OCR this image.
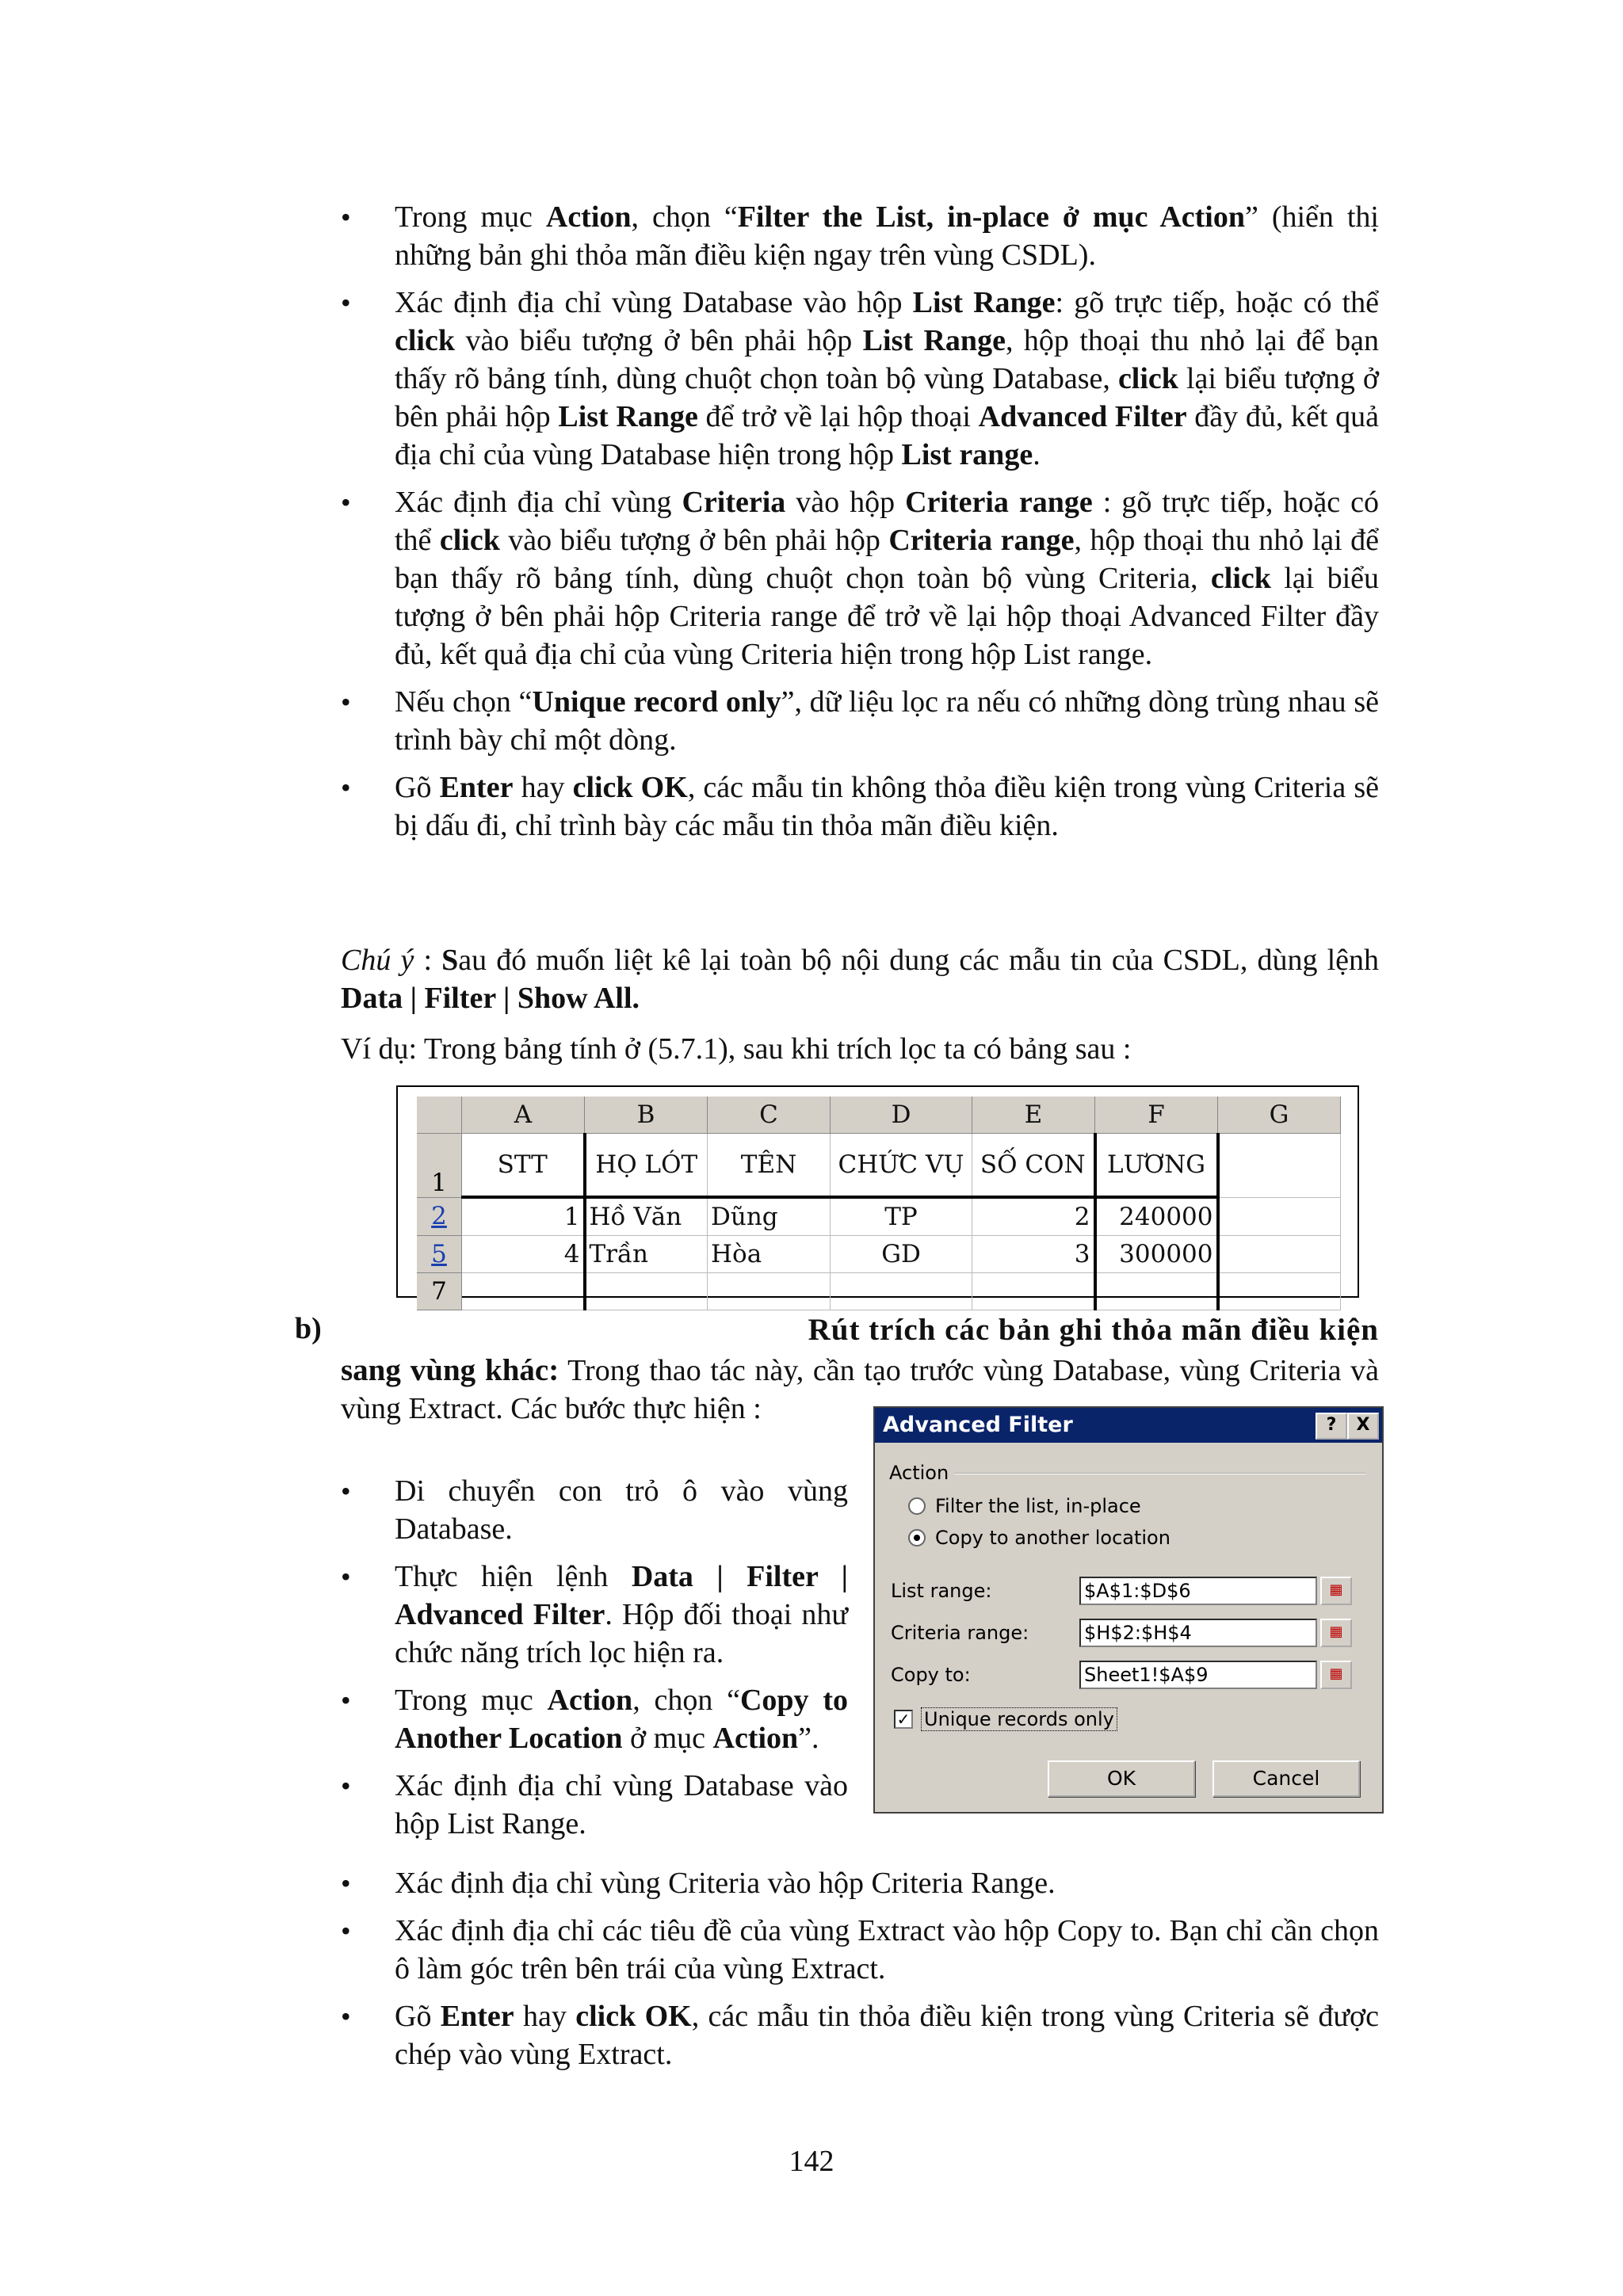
• Trong mục Action, chọn “Filter the List, in-place ở mục Action” (hiển thị những bản ghi thỏa mãn điều kiện ngay trên vùng CSDL).
• Xác định địa chỉ vùng Database vào hộp List Range: gõ trực tiếp, hoặc có thể click vào biểu tượng ở bên phải hộp List Range, hộp thoại thu nhỏ lại để bạn thấy rõ bảng tính, dùng chuột chọn toàn bộ vùng Database, click lại biểu tượng ở bên phải hộp List Range để trở về lại hộp thoại Advanced Filter đầy đủ, kết quả địa chỉ của vùng Database hiện trong hộp List range.
• Xác định địa chỉ vùng Criteria vào hộp Criteria range : gõ trực tiếp, hoặc có thể click vào biểu tượng ở bên phải hộp Criteria range, hộp thoại thu nhỏ lại để bạn thấy rõ bảng tính, dùng chuột chọn toàn bộ vùng Criteria, click lại biểu tượng ở bên phải hộp Criteria range để trở về lại hộp thoại Advanced Filter đầy đủ, kết quả địa chỉ của vùng Criteria hiện trong hộp List range.
• Nếu chọn “Unique record only”, dữ liệu lọc ra nếu có những dòng trùng nhau sẽ trình bày chỉ một dòng.
• Gõ Enter hay click OK, các mẫu tin không thỏa điều kiện trong vùng Criteria sẽ bị dấu đi, chỉ trình bày các mẫu tin thỏa mãn điều kiện.

Chú ý : Sau đó muốn liệt kê lại toàn bộ nội dung các mẫu tin của CSDL, dùng lệnh Data | Filter | Show All.

Ví dụ: Trong bảng tính ở (5.7.1), sau khi trích lọc ta có bảng sau :

	A	B	C	D	E	F	G
1	STT	HỌ LÓT	TÊN	CHỨC VỤ	SỐ CON	LƯƠNG	
2	1	Hồ Văn	Dũng	TP	2	240000	
5	4	Trần	Hòa	GD	3	300000	
7							
b)	Rút trích các bản ghi thỏa mãn điều kiện
sang vùng khác: Trong thao tác này, cần tạo trước vùng Database, vùng Criteria và vùng Extract. Các bước thực hiện :
• Di chuyển con trỏ ô vào vùng Database.
• Thực hiện lệnh Data | Filter | Advanced Filter. Hộp đối thoại như chức năng trích lọc hiện ra.
• Trong mục Action, chọn “Copy to Another Location ở mục Action”.
• Xác định địa chỉ vùng Database vào hộp List Range.
• Xác định địa chỉ vùng Criteria vào hộp Criteria Range.
• Xác định địa chỉ các tiêu đề của vùng Extract vào hộp Copy to. Bạn chỉ cần chọn ô làm góc trên bên trái của vùng Extract.
• Gõ Enter hay click OK, các mẫu tin thỏa điều kiện trong vùng Criteria sẽ được chép vào vùng Extract.
Advanced Filter	?	X
Action
Filter the list, in-place
Copy to another location
List range:	$A$1:$D$6	▦
Criteria range:	$H$2:$H$4	▦
Copy to:	Sheet1!$A$9	▦
✓ Unique records only
OK	Cancel
142
